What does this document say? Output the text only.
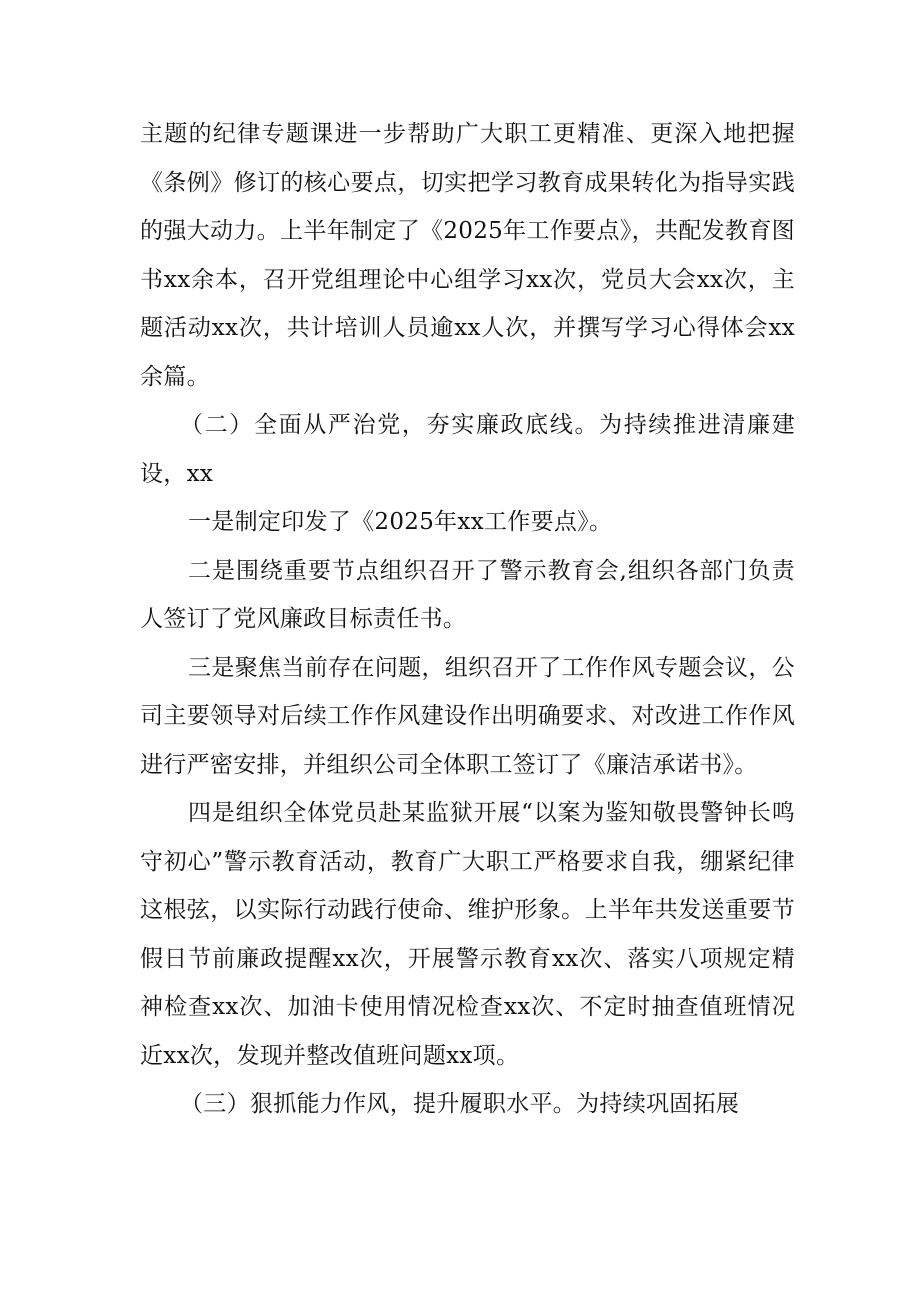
主题的纪律专题课进一步帮助广大职工更精准、更深入地把握《条例》修订的核心要点，切实把学习教育成果转化为指导实践的强大动力。上半年制定了《2025年工作要点》，共配发教育图书xx余本，召开党组理论中心组学习xx次，党员大会xx次，主题活动xx次，共计培训人员逾xx人次，并撰写学习心得体会xx余篇。

（二）全面从严治党，夯实廉政底线。为持续推进清廉建设，xx

一是制定印发了《2025年xx工作要点》。

二是围绕重要节点组织召开了警示教育会,组织各部门负责人签订了党风廉政目标责任书。

三是聚焦当前存在问题，组织召开了工作作风专题会议，公司主要领导对后续工作作风建设作出明确要求、对改进工作作风进行严密安排，并组织公司全体职工签订了《廉洁承诺书》。

四是组织全体党员赴某监狱开展“以案为鉴知敬畏警钟长鸣守初心”警示教育活动，教育广大职工严格要求自我，绷紧纪律这根弦，以实际行动践行使命、维护形象。上半年共发送重要节假日节前廉政提醒xx次，开展警示教育xx次、落实八项规定精神检查xx次、加油卡使用情况检查xx次、不定时抽查值班情况近xx次，发现并整改值班问题xx项。

（三）狠抓能力作风，提升履职水平。为持续巩固拓展
